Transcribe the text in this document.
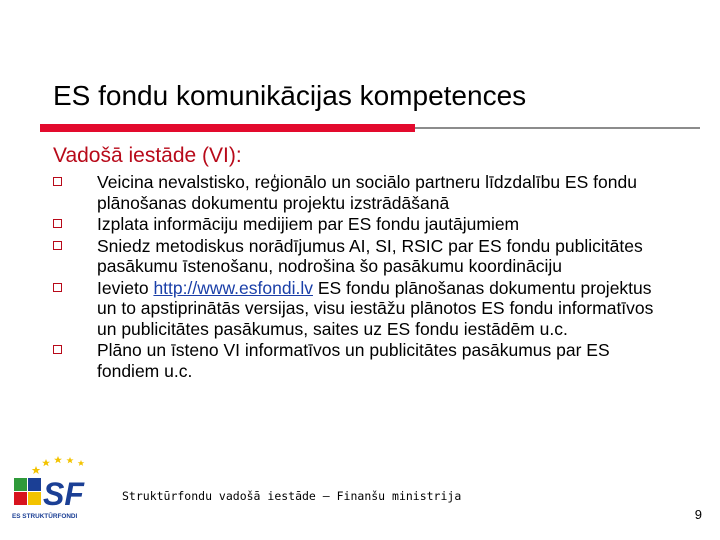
ES fondu komunikācijas kompetences
Vadošā iestāde (VI):
Veicina nevalstisko, reģionālo un sociālo partneru līdzdalību ES fondu plānošanas dokumentu projektu izstrādāšanā
Izplata informāciju medijiem par ES fondu jautājumiem
Sniedz metodiskus norādījumus AI, SI, RSIC par ES fondu publicitātes pasākumu īstenošanu, nodrošina šo pasākumu koordināciju
Ievieto http://www.esfondi.lv ES fondu plānošanas dokumentu projektus un to apstiprinātās versijas, visu iestāžu plānotos ES fondu informatīvos un publicitātes pasākumus, saites uz ES fondu iestādēm u.c.
Plāno un īsteno VI informatīvos un publicitātes pasākumus par ES fondiem u.c.
SF
ES STRUKTŪRFONDI
Struktūrfondu vadošā iestāde – Finanšu ministrija
9
